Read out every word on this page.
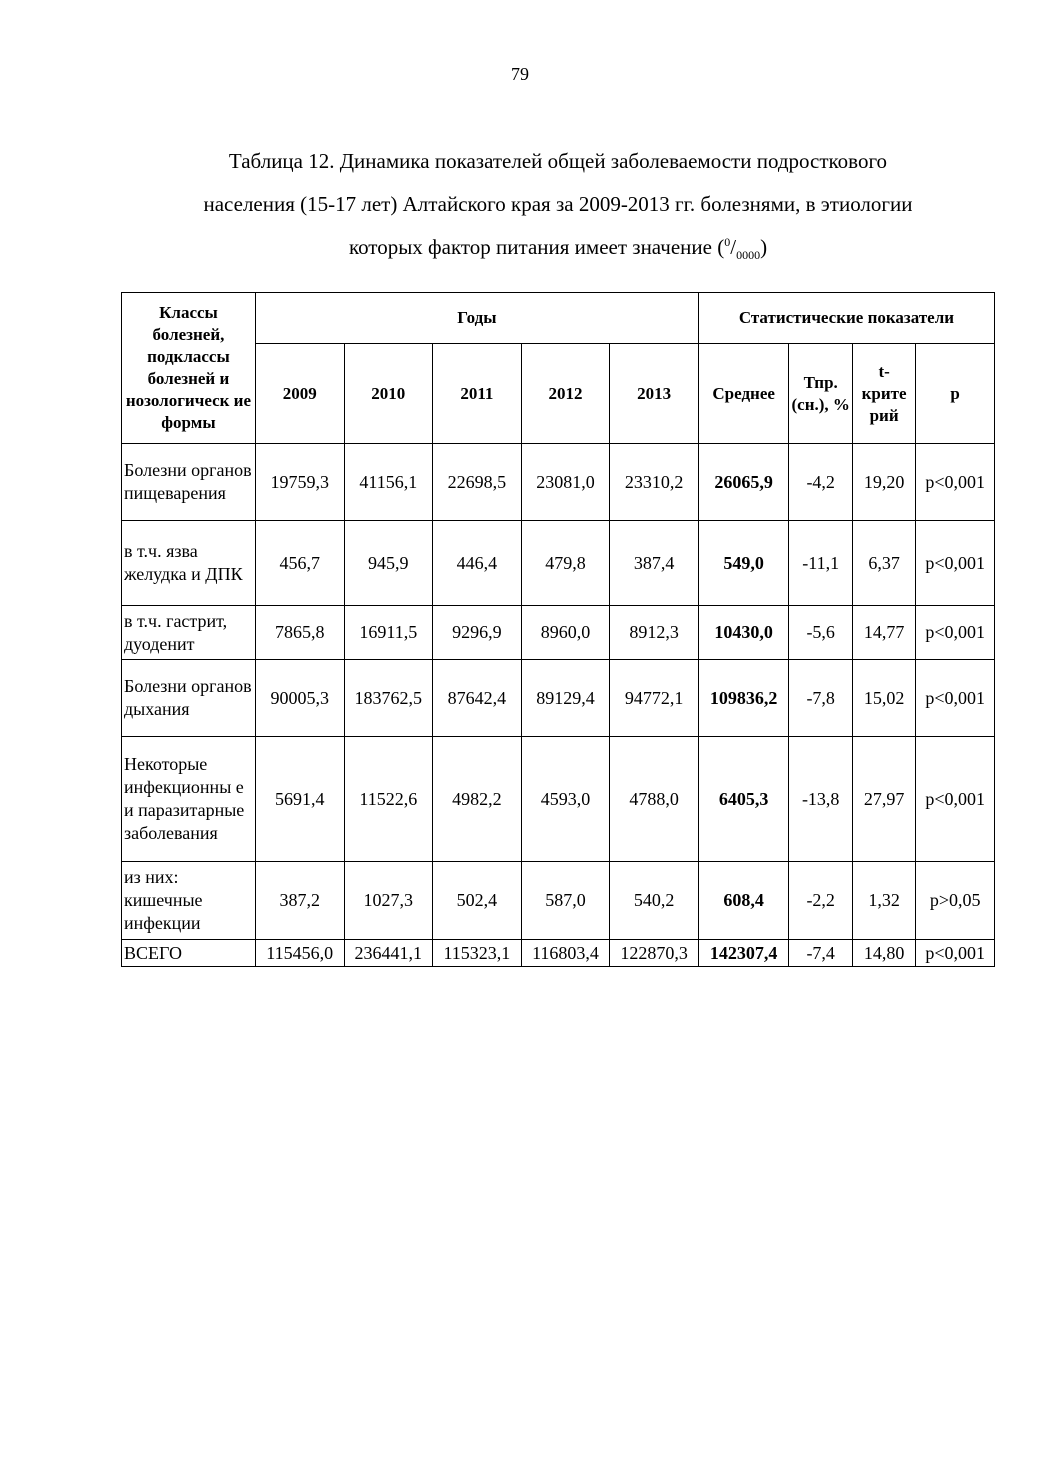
79
Таблица 12. Динамика показателей общей заболеваемости подросткового
населения (15-17 лет) Алтайского края за 2009-2013 гг. болезнями, в этиологии
которых фактор питания имеет значение $(^0/_{0000})$
Классы болезней, подклассы болезней и нозологическ ие формы	Годы					Статистические показатели			
	2009	2010	2011	2012	2013	Среднее	Тпр. (сн.), %	t- крите рий	р
Болезни органов пищеварения	19759,3	41156,1	22698,5	23081,0	23310,2	26065,9	-4,2	19,20	р<0,001
в т.ч. язва желудка и ДПК	456,7	945,9	446,4	479,8	387,4	549,0	-11,1	6,37	р<0,001
в т.ч. гастрит, дуоденит	7865,8	16911,5	9296,9	8960,0	8912,3	10430,0	-5,6	14,77	р<0,001
Болезни органов дыхания	90005,3	183762,5	87642,4	89129,4	94772,1	109836,2	-7,8	15,02	р<0,001
Некоторые инфекционны е и паразитарные заболевания	5691,4	11522,6	4982,2	4593,0	4788,0	6405,3	-13,8	27,97	р<0,001
из них: кишечные инфекции	387,2	1027,3	502,4	587,0	540,2	608,4	-2,2	1,32	р>0,05
ВСЕГО	115456,0	236441,1	115323,1	116803,4	122870,3	142307,4	-7,4	14,80	р<0,001
